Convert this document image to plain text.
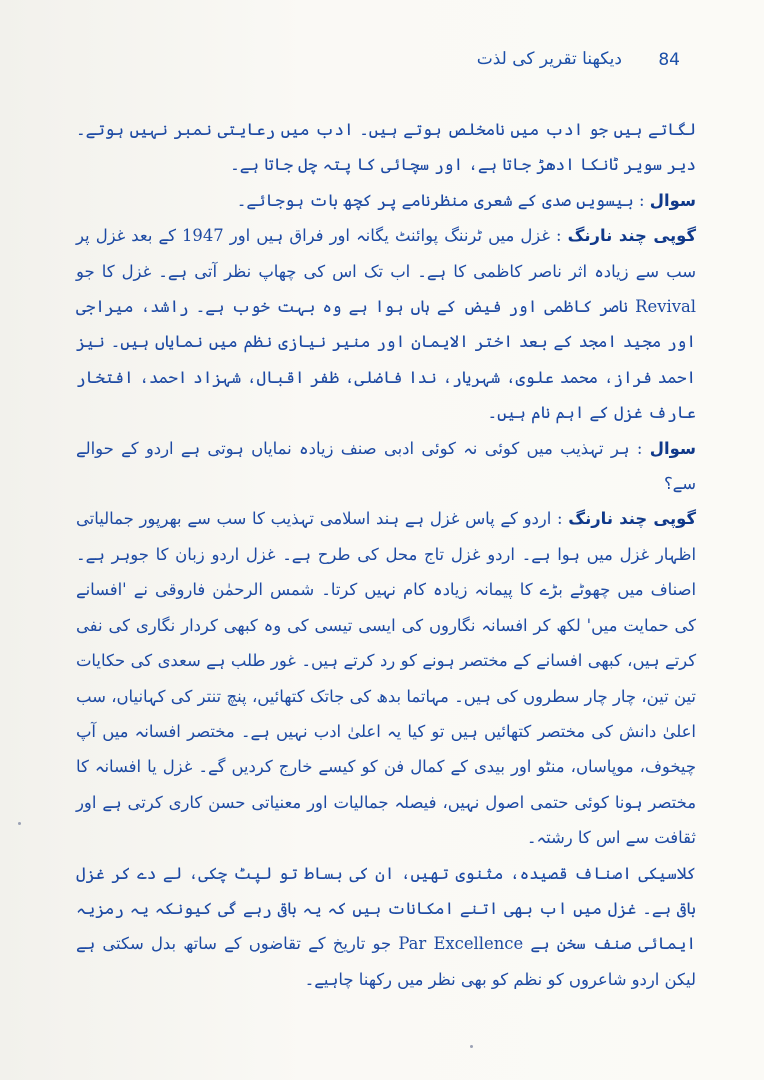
84
دیکھنا تقریر کی لذت

لگاتے ہیں جو ادب میں نامخلص ہوتے ہیں۔ ادب میں رعایتی نمبر نہیں ہوتے۔ دیر سویر ٹانکا ادھڑ جاتا ہے، اور سچائی کا پتہ چل جاتا ہے۔

سوال : بیسویں صدی کے شعری منظرنامے پر کچھ بات ہوجائے۔

گوپی چند نارنگ : غزل میں ٹرننگ پوائنٹ یگانہ اور فراق ہیں اور 1947 کے بعد غزل پر سب سے زیادہ اثر ناصر کاظمی کا ہے۔ اب تک اس کی چھاپ نظر آتی ہے۔ غزل کا جو Revival ناصر کاظمی اور فیض کے ہاں ہوا ہے وہ بہت خوب ہے۔ راشد، میراجی اور مجید امجد کے بعد اختر الایمان اور منیر نیازی نظم میں نمایاں ہیں۔ نیز احمد فراز، محمد علوی، شہریار، ندا فاضلی، ظفر اقبال، شہزاد احمد، افتخار عارف غزل کے اہم نام ہیں۔

سوال : ہر تہذیب میں کوئی نہ کوئی ادبی صنف زیادہ نمایاں ہوتی ہے اردو کے حوالے سے؟

گوپی چند نارنگ : اردو کے پاس غزل ہے ہند اسلامی تہذیب کا سب سے بھرپور جمالیاتی اظہار غزل میں ہوا ہے۔ اردو غزل تاج محل کی طرح ہے۔ غزل اردو زبان کا جوہر ہے۔ اصناف میں چھوٹے بڑے کا پیمانہ زیادہ کام نہیں کرتا۔ شمس الرحمٰن فاروقی نے 'افسانے کی حمایت میں' لکھ کر افسانہ نگاروں کی ایسی تیسی کی وہ کبھی کردار نگاری کی نفی کرتے ہیں، کبھی افسانے کے مختصر ہونے کو رد کرتے ہیں۔ غور طلب ہے سعدی کی حکایات تین تین، چار چار سطروں کی ہیں۔ مہاتما بدھ کی جاتک کتھائیں، پنچ تنتر کی کہانیاں، سب اعلیٰ دانش کی مختصر کتھائیں ہیں تو کیا یہ اعلیٰ ادب نہیں ہے۔ مختصر افسانہ میں آپ چیخوف، موپاساں، منٹو اور بیدی کے کمال فن کو کیسے خارج کردیں گے۔ غزل یا افسانہ کا مختصر ہونا کوئی حتمی اصول نہیں، فیصلہ جمالیات اور معنیاتی حسن کاری کرتی ہے اور ثقافت سے اس کا رشتہ۔

کلاسیکی اصناف قصیدہ، مثنوی تھیں، ان کی بساط تو لپٹ چکی، لے دے کر غزل باقی ہے۔ غزل میں اب بھی اتنے امکانات ہیں کہ یہ باقی رہے گی کیونکہ یہ رمزیہ ایمائی صنف سخن ہے Par Excellence جو تاریخ کے تقاضوں کے ساتھ بدل سکتی ہے لیکن اردو شاعروں کو نظم کو بھی نظر میں رکھنا چاہیے۔
